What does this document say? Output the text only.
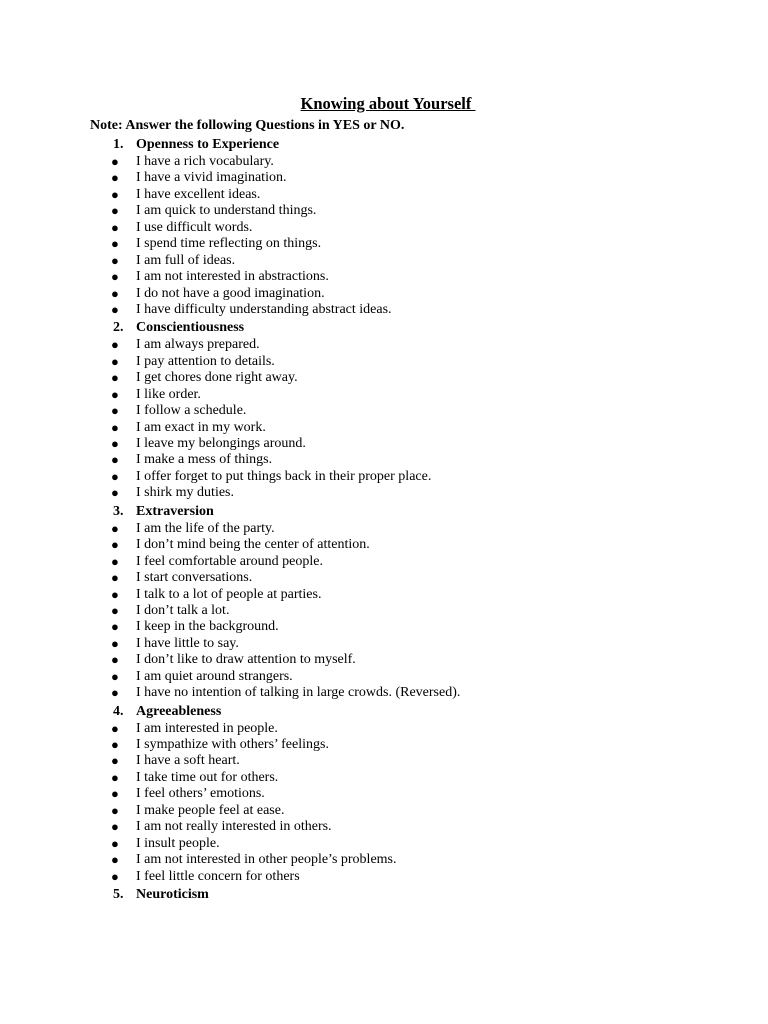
Knowing about Yourself
Note: Answer the following Questions in YES or NO.
1. Openness to Experience
● I have a rich vocabulary.
● I have a vivid imagination.
● I have excellent ideas.
● I am quick to understand things.
● I use difficult words.
● I spend time reflecting on things.
● I am full of ideas.
● I am not interested in abstractions.
● I do not have a good imagination.
● I have difficulty understanding abstract ideas.
2. Conscientiousness
● I am always prepared.
● I pay attention to details.
● I get chores done right away.
● I like order.
● I follow a schedule.
● I am exact in my work.
● I leave my belongings around.
● I make a mess of things.
● I offer forget to put things back in their proper place.
● I shirk my duties.
3. Extraversion
● I am the life of the party.
● I don’t mind being the center of attention.
● I feel comfortable around people.
● I start conversations.
● I talk to a lot of people at parties.
● I don’t talk a lot.
● I keep in the background.
● I have little to say.
● I don’t like to draw attention to myself.
● I am quiet around strangers.
● I have no intention of talking in large crowds. (Reversed).
4. Agreeableness
● I am interested in people.
● I sympathize with others’ feelings.
● I have a soft heart.
● I take time out for others.
● I feel others’ emotions.
● I make people feel at ease.
● I am not really interested in others.
● I insult people.
● I am not interested in other people’s problems.
● I feel little concern for others
5. Neuroticism
